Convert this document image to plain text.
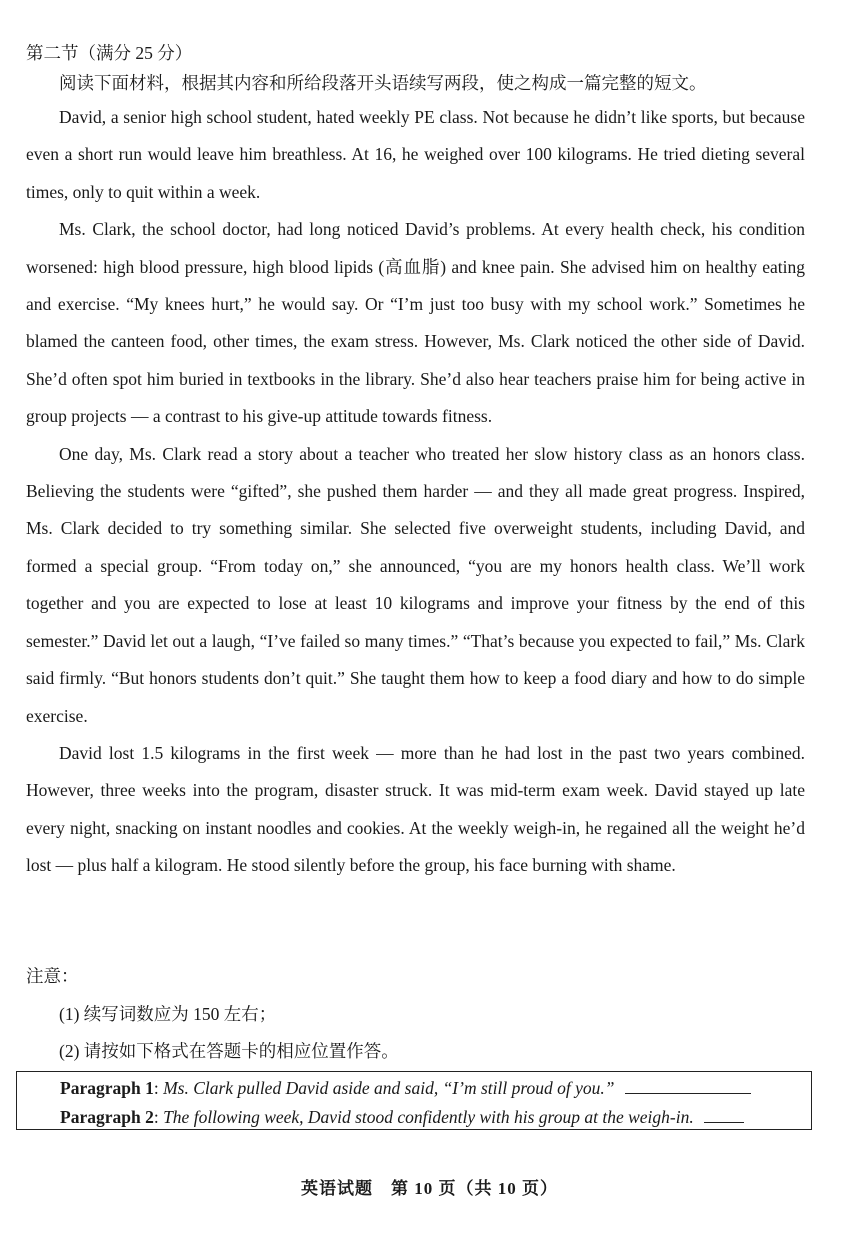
第二节（满分 25 分）
阅读下面材料，根据其内容和所给段落开头语续写两段，使之构成一篇完整的短文。

David, a senior high school student, hated weekly PE class. Not because he didn’t like sports, but because even a short run would leave him breathless. At 16, he weighed over 100 kilograms. He tried dieting several times, only to quit within a week.

Ms. Clark, the school doctor, had long noticed David’s problems. At every health check, his condition worsened: high blood pressure, high blood lipids (高血脂) and knee pain. She advised him on healthy eating and exercise. “My knees hurt,” he would say. Or “I’m just too busy with my school work.” Sometimes he blamed the canteen food, other times, the exam stress. However, Ms. Clark noticed the other side of David. She’d often spot him buried in textbooks in the library. She’d also hear teachers praise him for being active in group projects — a contrast to his give-up attitude towards fitness.

One day, Ms. Clark read a story about a teacher who treated her slow history class as an honors class. Believing the students were “gifted”, she pushed them harder — and they all made great progress. Inspired, Ms. Clark decided to try something similar. She selected five overweight students, including David, and formed a special group. “From today on,” she announced, “you are my honors health class. We’ll work together and you are expected to lose at least 10 kilograms and improve your fitness by the end of this semester.” David let out a laugh, “I’ve failed so many times.” “That’s because you expected to fail,” Ms. Clark said firmly. “But honors students don’t quit.” She taught them how to keep a food diary and how to do simple exercise.

David lost 1.5 kilograms in the first week — more than he had lost in the past two years combined. However, three weeks into the program, disaster struck. It was mid-term exam week. David stayed up late every night, snacking on instant noodles and cookies. At the weekly weigh-in, he regained all the weight he’d lost — plus half a kilogram. He stood silently before the group, his face burning with shame.

注意：
(1) 续写词数应为 150 左右；
(2) 请按如下格式在答题卡的相应位置作答。
Paragraph 1: Ms. Clark pulled David aside and said, “I’m still proud of you.”
Paragraph 2: The following week, David stood confidently with his group at the weigh-in.
英语试题　第 10 页（共 10 页）
